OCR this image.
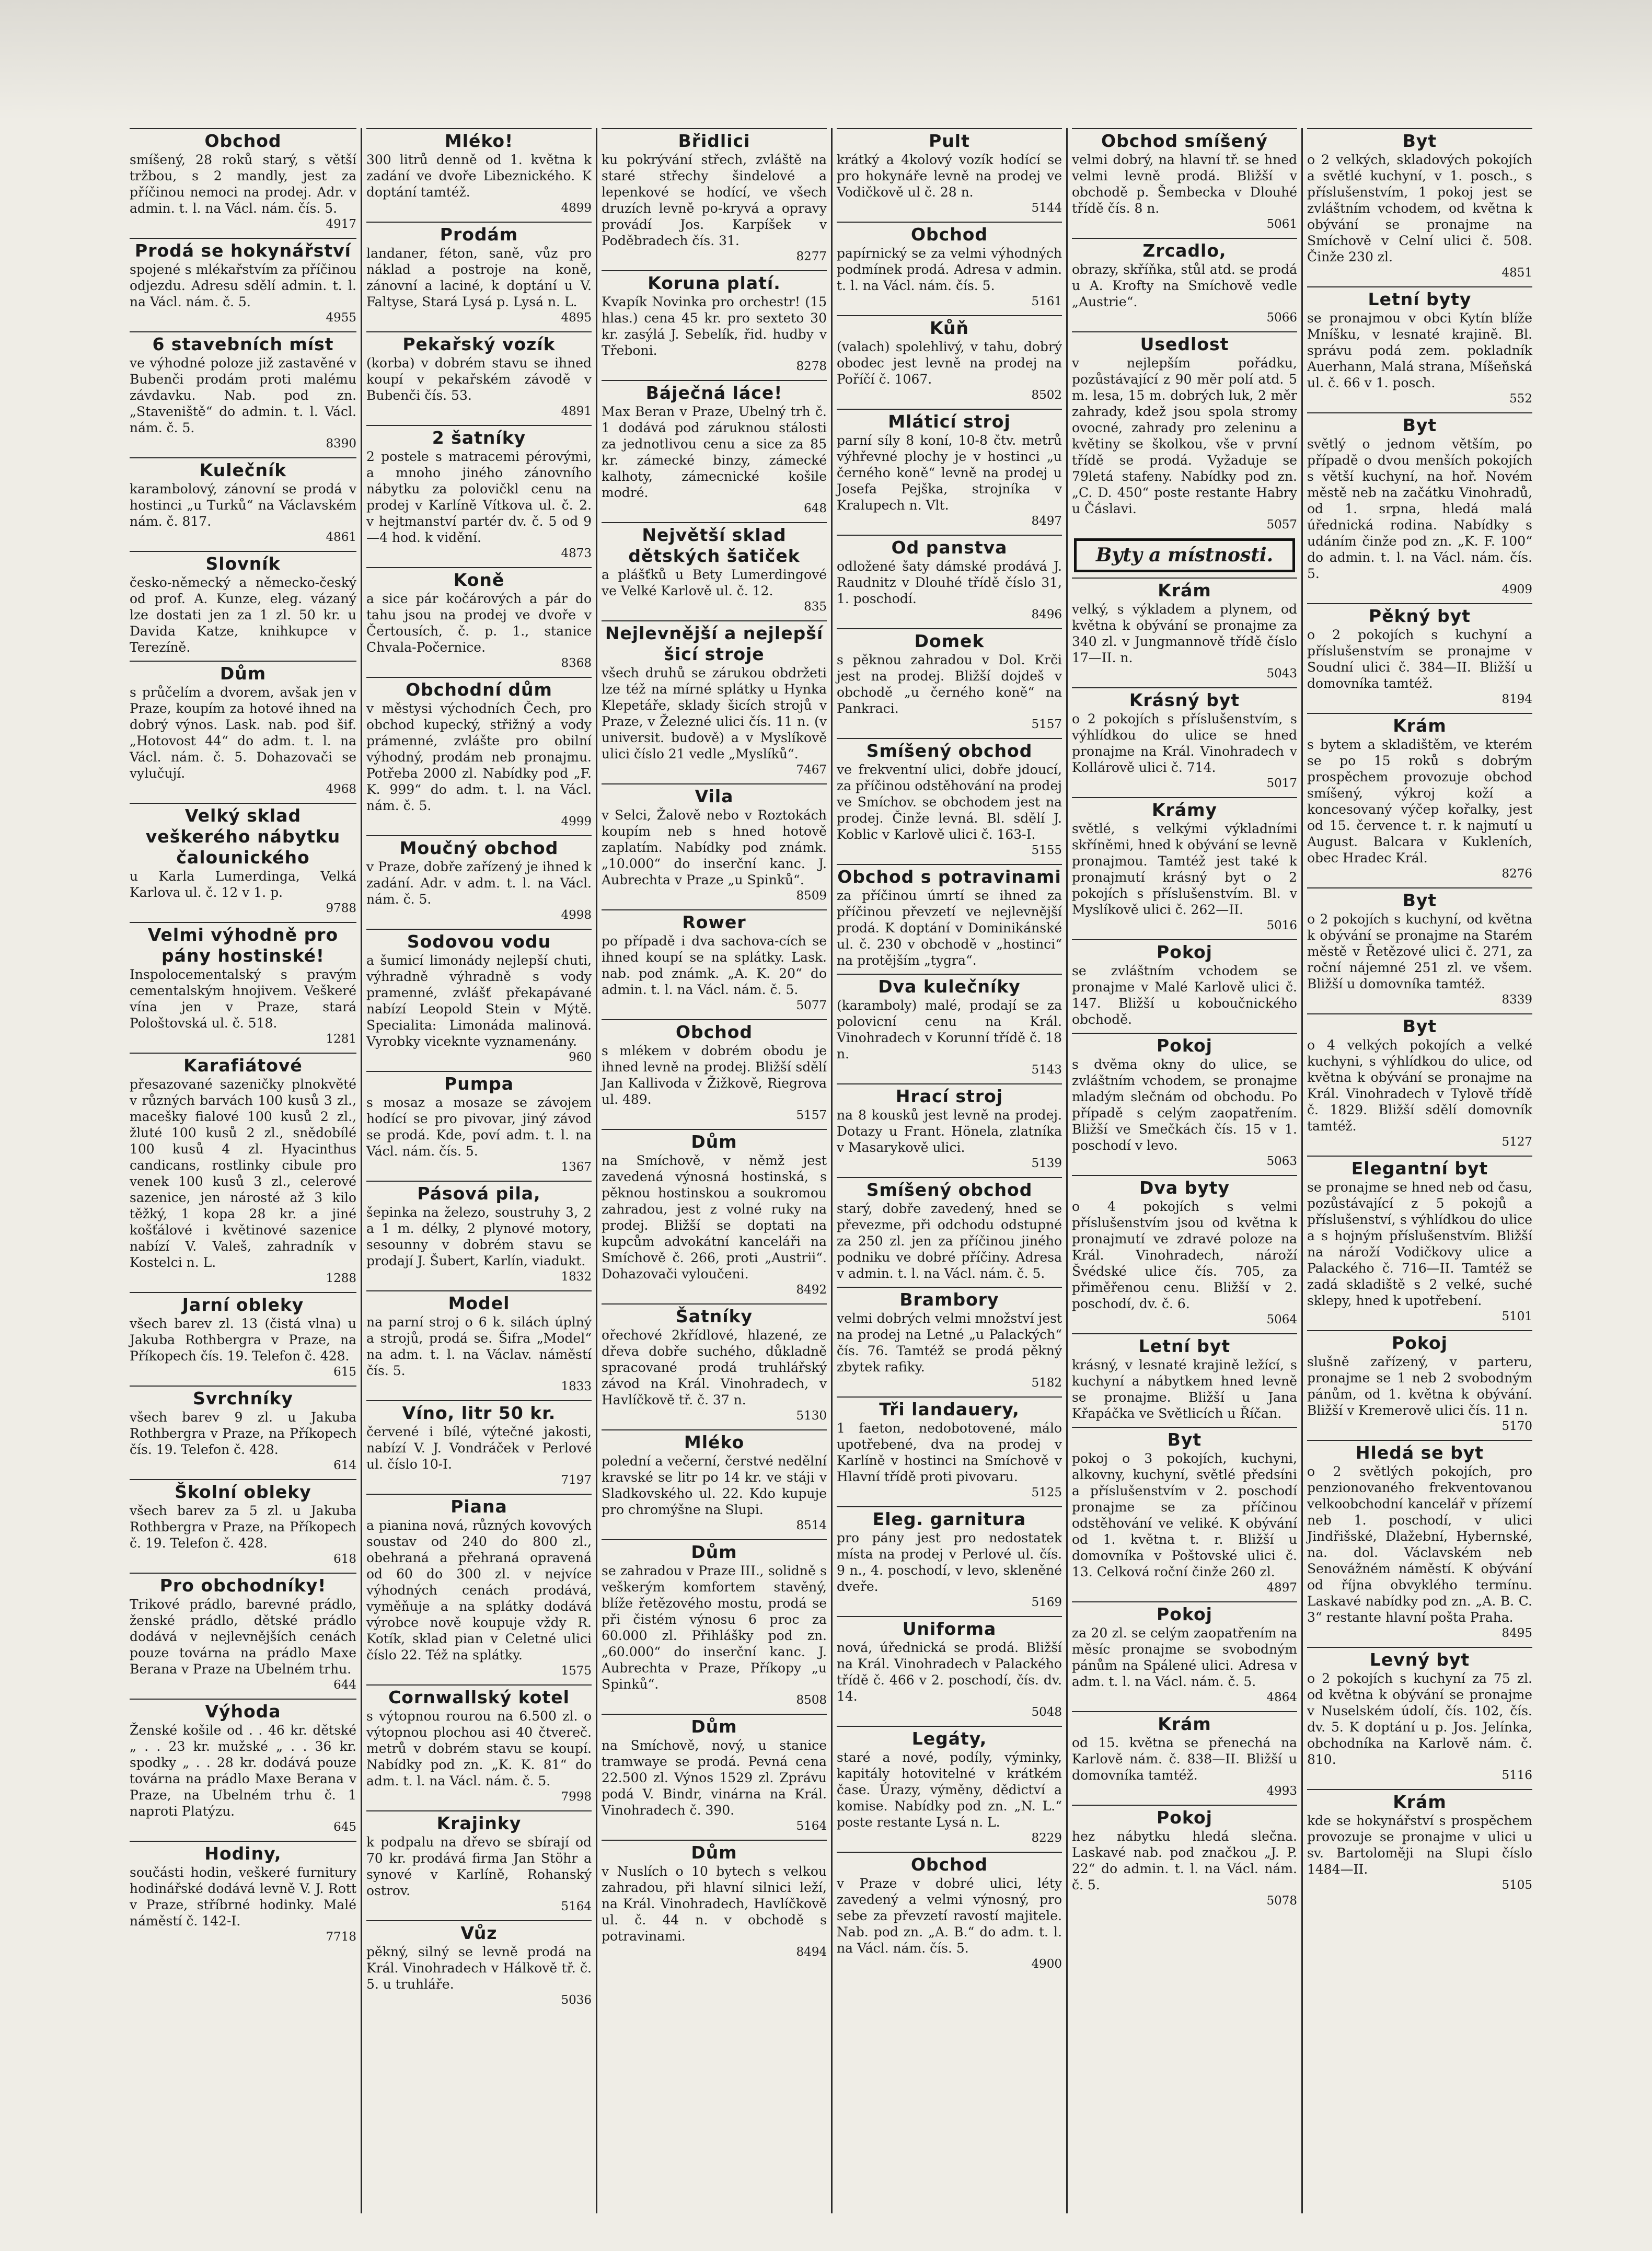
Obchod
smíšený, 28 roků starý, s větší tržbou, s 2 mandly, jest za příčinou nemoci na prodej. Adr. v admin. t. l. na Václ. nám. čís. 5.
4917
Prodá se hokynářství
spojené s mlékařstvím za příčinou odjezdu. Adresu sdělí admin. t. l. na Václ. nám. č. 5.
4955
6 stavebních míst
ve výhodné poloze již zastavěné v Bubenči prodám proti malému závdavku. Nab. pod zn. „Staveniště“ do admin. t. l. Václ. nám. č. 5.
8390
Kulečník
karambolový, zánovní se prodá v hostinci „u Turků“ na Václavském nám. č. 817.
4861
Slovník
česko-německý a německo-český od prof. A. Kunze, eleg. vázaný lze dostati jen za 1 zl. 50 kr. u Davida Katze, knihkupce v Terezíně.
Dům
s průčelím a dvorem, avšak jen v Praze, koupím za hotové ihned na dobrý výnos. Lask. nab. pod šif. „Hotovost 44“ do adm. t. l. na Václ. nám. č. 5. Dohazovači se vylučují.
4968
Velký sklad veškerého nábytku čalounického
u Karla Lumerdinga, Velká Karlova ul. č. 12 v 1. p.
9788
Velmi výhodně pro pány hostinské!
Inspolocementalský s pravým cementalským hnojivem. Veškeré vína jen v Praze, stará Pološtovská ul. č. 518.
1281
Karafiátové
přesazované sazeničky plnokvěté v různých barvách 100 kusů 3 zl., macešky fialové 100 kusů 2 zl., žluté 100 kusů 2 zl., snědobílé 100 kusů 4 zl. Hyacinthus candicans, rostlinky cibule pro venek 100 kusů 3 zl., celerové sazenice, jen nárosté až 3 kilo těžký, 1 kopa 28 kr. a jiné košťálové i květinové sazenice nabízí V. Valeš, zahradník v Kostelci n. L.
1288
Jarní obleky
všech barev zl. 13 (čistá vlna) u Jakuba Rothbergra v Praze, na Příkopech čís. 19. Telefon č. 428.
615
Svrchníky
všech barev 9 zl. u Jakuba Rothbergra v Praze, na Příkopech čís. 19. Telefon č. 428.
614
Školní obleky
všech barev za 5 zl. u Jakuba Rothbergra v Praze, na Příkopech č. 19. Telefon č. 428.
618
Pro obchodníky!
Trikové prádlo, barevné prádlo, ženské prádlo, dětské prádlo dodává v nejlevnějších cenách pouze továrna na prádlo Maxe Berana v Praze na Ubelném trhu.
644
Výhoda
Ženské košile od . . 46 kr. dětské „ . . 23 kr. mužské „ . . 36 kr. spodky „ . . 28 kr. dodává pouze továrna na prádlo Maxe Berana v Praze, na Ubelném trhu č. 1 naproti Platýzu.
645
Hodiny,
součásti hodin, veškeré furnitury hodinářské dodává levně V. J. Rott v Praze, stříbrné hodinky. Malé náměstí č. 142-I.
7718
Mléko!
300 litrů denně od 1. května k zadání ve dvoře Libeznického. K doptání tamtéž.
4899
Prodám
landaner, féton, saně, vůz pro náklad a postroje na koně, zánovní a laciné, k doptání u V. Faltyse, Stará Lysá p. Lysá n. L.
4895
Pekařský vozík
(korba) v dobrém stavu se ihned koupí v pekařském závodě v Bubenči čís. 53.
4891
2 šatníky
2 postele s matracemi pérovými, a mnoho jiného zánovního nábytku za polovičkl cenu na prodej v Karlíně Vítkova ul. č. 2. v hejtmanství partér dv. č. 5 od 9—4 hod. k vidění.
4873
Koně
a sice pár kočárových a pár do tahu jsou na prodej ve dvoře v Čertousích, č. p. 1., stanice Chvala-Počernice.
8368
Obchodní dům
v městysi východních Čech, pro obchod kupecký, střižný a vody prámenné, zvlášte pro obilní výhodný, prodám neb pronajmu. Potřeba 2000 zl. Nabídky pod „F. K. 999“ do adm. t. l. na Václ. nám. č. 5.
4999
Moučný obchod
v Praze, dobře zařízený je ihned k zadání. Adr. v adm. t. l. na Václ. nám. č. 5.
4998
Sodovou vodu
a šumicí limonády nejlepší chuti, výhradně výhradně s vody pramenné, zvlášť překapávané nabízí Leopold Stein v Mýtě. Specialita: Limonáda malinová. Vyrobky viceknte vyznamenány.
960
Pumpa
s mosaz a mosaze se závojem hodící se pro pivovar, jiný závod se prodá. Kde, poví adm. t. l. na Václ. nám. čís. 5.
1367
Pásová pila,
šepinka na železo, soustruhy 3, 2 a 1 m. délky, 2 plynové motory, sesounny v dobrém stavu se prodají J. Šubert, Karlín, viadukt.
1832
Model
na parní stroj o 6 k. silách úplný a strojů, prodá se. Šifra „Model“ na adm. t. l. na Václav. náměstí čís. 5.
1833
Víno, litr 50 kr.
červené i bílé, výtečné jakosti, nabízí V. J. Vondráček v Perlové ul. číslo 10-I.
7197
Piana
a pianina nová, různých kovových soustav od 240 do 800 zl., obehraná a přehraná opravená od 60 do 300 zl. v nejvíce výhodných cenách prodává, vyměňuje a na splátky dodává výrobce nově koupuje vždy R. Kotík, sklad pian v Celetné ulici číslo 22. Též na splátky.
1575
Cornwallský kotel
s výtopnou rourou na 6.500 zl. o výtopnou plochou asi 40 čtvereč. metrů v dobrém stavu se koupí. Nabídky pod zn. „K. K. 81“ do adm. t. l. na Václ. nám. č. 5.
7998
Krajinky
k podpalu na dřevo se sbírají od 70 kr. prodává firma Jan Stöhr a synové v Karlíně, Rohanský ostrov.
5164
Vůz
pěkný, silný se levně prodá na Král. Vinohradech v Hálkově tř. č. 5. u truhláře.
5036
Břidlici
ku pokrývání střech, zvláště na staré střechy šindelové a lepenkové se hodící, ve všech druzích levně po-kryvá a opravy provádí Jos. Karpíšek v Poděbradech čís. 31.
8277
Koruna platí.
Kvapík Novinka pro orchestr! (15 hlas.) cena 45 kr. pro sexteto 30 kr. zasýlá J. Sebelík, řid. hudby v Třeboni.
8278
Báječná láce!
Max Beran v Praze, Ubelný trh č. 1 dodává pod záruknou stálosti za jednotlivou cenu a sice za 85 kr. zámecké binzy, zámecké kalhoty, zámecnické košile modré.
648
Největší sklad dětských šatiček
a plášťků u Bety Lumerdingové ve Velké Karlově ul. č. 12.
835
Nejlevnější a nejlepší šicí stroje
všech druhů se zárukou obdržeti lze též na mírné splátky u Hynka Klepetáře, sklady šicích strojů v Praze, v Železné ulici čís. 11 n. (v universit. budově) a v Myslíkově ulici číslo 21 vedle „Myslíků“.
7467
Vila
v Selci, Žalově nebo v Roztokách koupím neb s hned hotově zaplatím. Nabídky pod známk. „10.000“ do inserční kanc. J. Aubrechta v Praze „u Spinků“.
8509
Rower
po případě i dva sachova-cích se ihned koupí se na splátky. Lask. nab. pod známk. „A. K. 20“ do admin. t. l. na Václ. nám. č. 5.
5077
Obchod
s mlékem v dobrém obodu je ihned levně na prodej. Bližší sdělí Jan Kallivoda v Žižkově, Riegrova ul. 489.
5157
Dům
na Smíchově, v němž jest zavedená výnosná hostinská, s pěknou hostinskou a soukromou zahradou, jest z volné ruky na prodej. Bližší se doptati na kupcům advokátní kanceláři na Smíchově č. 266, proti „Austrii“. Dohazovači vyloučeni.
8492
Šatníky
ořechové 2křídlové, hlazené, ze dřeva dobře suchého, důkladně spracované prodá truhlářský závod na Král. Vinohradech, v Havlíčkově tř. č. 37 n.
5130
Mléko
polední a večerní, čerstvé nedělní kravské se litr po 14 kr. ve stáji v Sladkovského ul. 22. Kdo kupuje pro chromýšne na Slupi.
8514
Dům
se zahradou v Praze III., solidně s veškerým komfortem stavěný, blíže řetězového mostu, prodá se při čistém výnosu 6 proc za 60.000 zl. Přihlášky pod zn. „60.000“ do inserční kanc. J. Aubrechta v Praze, Příkopy „u Spinků“.
8508
Dům
na Smíchově, nový, u stanice tramwaye se prodá. Pevná cena 22.500 zl. Výnos 1529 zl. Zprávu podá V. Bindr, vinárna na Král. Vinohradech č. 390.
5164
Dům
v Nuslích o 10 bytech s velkou zahradou, při hlavní silnici leží, na Král. Vinohradech, Havlíčkově ul. č. 44 n. v obchodě s potravinami.
8494
Pult
krátký a 4kolový vozík hodící se pro hokynáře levně na prodej ve Vodičkově ul č. 28 n.
5144
Obchod
papírnický se za velmi výhodných podmínek prodá. Adresa v admin. t. l. na Václ. nám. čís. 5.
5161
Kůň
(valach) spolehlivý, v tahu, dobrý obodec jest levně na prodej na Poříčí č. 1067.
8502
Mláticí stroj
parní síly 8 koní, 10-8 čtv. metrů výhřevné plochy je v hostinci „u černého koně“ levně na prodej u Josefa Pejška, strojníka v Kralupech n. Vlt.
8497
Od panstva
odložené šaty dámské prodává J. Raudnitz v Dlouhé třídě číslo 31, 1. poschodí.
8496
Domek
s pěknou zahradou v Dol. Krči jest na prodej. Bližší dojdeš v obchodě „u černého koně“ na Pankraci.
5157
Smíšený obchod
ve frekventní ulici, dobře jdoucí, za příčinou odstěhování na prodej ve Smíchov. se obchodem jest na prodej. Činže levná. Bl. sdělí J. Koblic v Karlově ulici č. 163-I.
5155
Obchod s potravinami
za příčinou úmrtí se ihned za příčinou převzetí ve nejlevnější prodá. K doptání v Dominikánské ul. č. 230 v obchodě v „hostinci“ na protějším „tygra“.
Dva kulečníky
(karamboly) malé, prodají se za polovicní cenu na Král. Vinohradech v Korunní třídě č. 18 n.
5143
Hrací stroj
na 8 kousků jest levně na prodej. Dotazy u Frant. Hönela, zlatníka v Masarykově ulici.
5139
Smíšený obchod
starý, dobře zavedený, hned se převezme, při odchodu odstupné za 250 zl. jen za příčinou jiného podniku ve dobré příčiny. Adresa v admin. t. l. na Václ. nám. č. 5.
Brambory
velmi dobrých velmi množství jest na prodej na Letné „u Palackých“ čís. 76. Tamtéž se prodá pěkný zbytek rafiky.
5182
Tři landauery,
1 faeton, nedobotovené, málo upotřebené, dva na prodej v Karlíně v hostinci na Smíchově v Hlavní třídě proti pivovaru.
5125
Eleg. garnitura
pro pány jest pro nedostatek místa na prodej v Perlové ul. čís. 9 n., 4. poschodí, v levo, skleněné dveře.
5169
Uniforma
nová, úřednická se prodá. Bližší na Král. Vinohradech v Palackého třídě č. 466 v 2. poschodí, čís. dv. 14.
5048
Legáty,
staré a nové, podíly, výminky, kapitály hotovitelné v krátkém čase. Úrazy, výměny, dědictví a komise. Nabídky pod zn. „N. L.“ poste restante Lysá n. L.
8229
Obchod
v Praze v dobré ulici, léty zavedený a velmi výnosný, pro sebe za převzetí ravostí majitele. Nab. pod zn. „A. B.“ do adm. t. l. na Václ. nám. čís. 5.
4900
Obchod smíšený
velmi dobrý, na hlavní tř. se hned velmi levně prodá. Bližší v obchodě p. Šembecka v Dlouhé třídě čís. 8 n.
5061
Zrcadlo,
obrazy, skříňka, stůl atd. se prodá u A. Krofty na Smíchově vedle „Austrie“.
5066
Usedlost
v nejlepším pořádku, pozůstávající z 90 měr polí atd. 5 m. lesa, 15 m. dobrých luk, 2 měr zahrady, kdež jsou spola stromy ovocné, zahrady pro zeleninu a květiny se školkou, vše v první třídě se prodá. Vyžaduje se 79letá stafeny. Nabídky pod zn. „C. D. 450“ poste restante Habry u Čáslavi.
5057
Byty a místnosti.
Krám
velký, s výkladem a plynem, od května k obývání se pronajme za 340 zl. v Jungmannově třídě číslo 17—II. n.
5043
Krásný byt
o 2 pokojích s příslušenstvím, s výhlídkou do ulice se hned pronajme na Král. Vinohradech v Kollárově ulici č. 714.
5017
Krámy
světlé, s velkými výkladními skříněmi, hned k obývání se levně pronajmou. Tamtéž jest také k pronajmutí krásný byt o 2 pokojích s příslušenstvím. Bl. v Myslíkově ulici č. 262—II.
5016
Pokoj
se zvláštním vchodem se pronajme v Malé Karlově ulici č. 147. Bližší u koboučnického obchodě.
Pokoj
s dvěma okny do ulice, se zvláštním vchodem, se pronajme mladým slečnám od obchodu. Po případě s celým zaopatřením. Bližší ve Smečkách čís. 15 v 1. poschodí v levo.
5063
Dva byty
o 4 pokojích s velmi příslušenstvím jsou od května k pronajmutí ve zdravé poloze na Král. Vinohradech, nároží Švédské ulice čís. 705, za přiměřenou cenu. Bližší v 2. poschodí, dv. č. 6.
5064
Letní byt
krásný, v lesnaté krajině ležící, s kuchyní a nábytkem hned levně se pronajme. Bližší u Jana Křapáčka ve Světlicích u Říčan.
Byt
pokoj o 3 pokojích, kuchyni, alkovny, kuchyní, světlé předsíni a příslušenstvím v 2. poschodí pronajme se za příčinou odstěhování ve veliké. K obývání od 1. května t. r. Bližší u domovníka v Poštovské ulici č. 13. Celková roční činže 260 zl.
4897
Pokoj
za 20 zl. se celým zaopatřením na měsíc pronajme se svobodným pánům na Spálené ulici. Adresa v adm. t. l. na Václ. nám. č. 5.
4864
Krám
od 15. května se přenechá na Karlově nám. č. 838—II. Bližší u domovníka tamtéž.
4993
Pokoj
hez nábytku hledá slečna. Laskavé nab. pod značkou „J. P. 22“ do admin. t. l. na Václ. nám. č. 5.
5078
Byt
o 2 velkých, skladových pokojích a světlé kuchyní, v 1. posch., s příslušenstvím, 1 pokoj jest se zvláštním vchodem, od května k obývání se pronajme na Smíchově v Celní ulici č. 508. Činže 230 zl.
4851
Letní byty
se pronajmou v obci Kytín blíže Mníšku, v lesnaté krajině. Bl. správu podá zem. pokladník Auerhann, Malá strana, Míšeňská ul. č. 66 v 1. posch.
552
Byt
světlý o jednom větším, po případě o dvou menších pokojích s větší kuchyní, na hoř. Novém městě neb na začátku Vinohradů, od 1. srpna, hledá malá úřednická rodina. Nabídky s udáním činže pod zn. „K. F. 100“ do admin. t. l. na Václ. nám. čís. 5.
4909
Pěkný byt
o 2 pokojích s kuchyní a příslušenstvím se pronajme v Soudní ulici č. 384—II. Bližší u domovníka tamtéž.
8194
Krám
s bytem a skladištěm, ve kterém se po 15 roků s dobrým prospěchem provozuje obchod smíšený, výkroj koží a koncesovaný výčep kořalky, jest od 15. července t. r. k najmutí u August. Balcara v Kukleních, obec Hradec Král.
8276
Byt
o 2 pokojích s kuchyní, od května k obývání se pronajme na Starém městě v Řetězové ulici č. 271, za roční nájemné 251 zl. ve všem. Bližší u domovníka tamtéž.
8339
Byt
o 4 velkých pokojích a velké kuchyni, s výhlídkou do ulice, od května k obývání se pronajme na Král. Vinohradech v Tylově třídě č. 1829. Bližší sdělí domovník tamtéž.
5127
Elegantní byt
se pronajme se hned neb od času, pozůstávající z 5 pokojů a příslušenství, s výhlídkou do ulice a s hojným příslušenstvím. Bližší na nároží Vodičkovy ulice a Palackého č. 716—II. Tamtéž se zadá skladiště s 2 velké, suché sklepy, hned k upotřebení.
5101
Pokoj
slušně zařízený, v parteru, pronajme se 1 neb 2 svobodným pánům, od 1. května k obývání. Bližší v Kremerově ulici čís. 11 n.
5170
Hledá se byt
o 2 světlých pokojích, pro penzionovaného frekventovanou velkoobchodní kancelář v přízemí neb 1. poschodí, v ulici Jindřišské, Dlažební, Hybernské, na. dol. Václavském neb Senovážném náměstí. K obývání od října obvyklého termínu. Laskavé nabídky pod zn. „A. B. C. 3“ restante hlavní pošta Praha.
8495
Levný byt
o 2 pokojích s kuchyní za 75 zl. od května k obývání se pronajme v Nuselském údolí, čís. 102, čís. dv. 5. K doptání u p. Jos. Jelínka, obchodníka na Karlově nám. č. 810.
5116
Krám
kde se hokynářství s prospěchem provozuje se pronajme v ulici u sv. Bartoloměji na Slupi číslo 1484—II.
5105
